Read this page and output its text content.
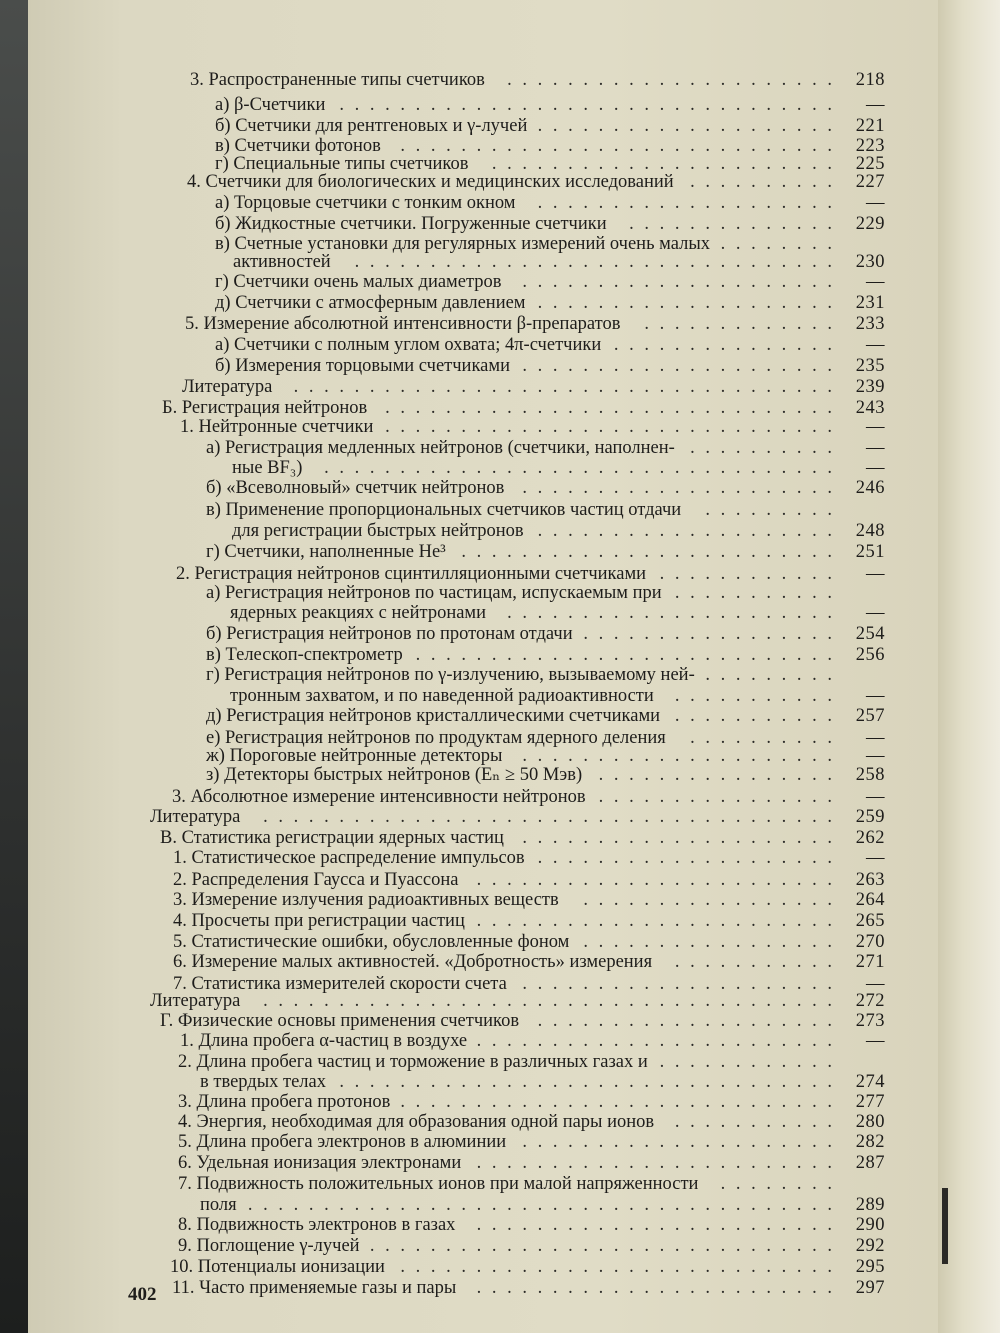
3. Распространенные типы счетчиков . . . . . . . . . . . . . . . . . . . . . .	218
а) β-Счетчики . . . . . . . . . . . . . . . . . . . . . . . . . . . . . . . . .	—
б) Счетчики для рентгеновых и γ-лучей . . . . . . . . . . . . . . . . . . . .	221
в) Счетчики фотонов . . . . . . . . . . . . . . . . . . . . . . . . . . . . .	223
г) Специальные типы счетчиков . . . . . . . . . . . . . . . . . . . . . . .	225
4. Счетчики для биологических и медицинских исследований . . . . . . . . . .	227
а) Торцовые счетчики с тонким окном . . . . . . . . . . . . . . . . . . . .	—
б) Жидкостные счетчики. Погруженные счетчики . . . . . . . . . . . . . .	229
в) Счетные установки для регулярных измерений очень малых . . . . . . . .
активностей . . . . . . . . . . . . . . . . . . . . . . . . . . . . . . . .	230
г) Счетчики очень малых диаметров . . . . . . . . . . . . . . . . . . . . .	—
д) Счетчики с атмосферным давлением . . . . . . . . . . . . . . . . . . . .	231
5. Измерение абсолютной интенсивности β-препаратов . . . . . . . . . . . . .	233
а) Счетчики с полным углом охвата; 4π-счетчики . . . . . . . . . . . . . . .	—
б) Измерения торцовыми счетчиками . . . . . . . . . . . . . . . . . . . . .	235
Литература . . . . . . . . . . . . . . . . . . . . . . . . . . . . . . . . . . . .	239
Б. Регистрация нейтронов . . . . . . . . . . . . . . . . . . . . . . . . . . . . . .	243
1. Нейтронные счетчики . . . . . . . . . . . . . . . . . . . . . . . . . . . . . .	—
а) Регистрация медленных нейтронов (счетчики, наполнен- . . . . . . . . . .	—
ные BF₃) . . . . . . . . . . . . . . . . . . . . . . . . . . . . . . . . . .	—
б) «Всеволновый» счетчик нейтронов . . . . . . . . . . . . . . . . . . . . .	246
в) Применение пропорциональных счетчиков частиц отдачи . . . . . . . . .
для регистрации быстрых нейтронов . . . . . . . . . . . . . . . . . . . .	248
г) Счетчики, наполненные He³ . . . . . . . . . . . . . . . . . . . . . . . . .	251
2. Регистрация нейтронов сцинтилляционными счетчиками . . . . . . . . . . . .	—
а) Регистрация нейтронов по частицам, испускаемым при . . . . . . . . . . .
ядерных реакциях с нейтронами . . . . . . . . . . . . . . . . . . . . . .	—
б) Регистрация нейтронов по протонам отдачи . . . . . . . . . . . . . . . . .	254
в) Телескоп-спектрометр . . . . . . . . . . . . . . . . . . . . . . . . . . . .	256
г) Регистрация нейтронов по γ-излучению, вызываемому ней- . . . . . . . . .
тронным захватом, и по наведенной радиоактивности . . . . . . . . . . .	—
д) Регистрация нейтронов кристаллическими счетчиками . . . . . . . . . . .	257
е) Регистрация нейтронов по продуктам ядерного деления . . . . . . . . . .	—
ж) Пороговые нейтронные детекторы . . . . . . . . . . . . . . . . . . . . .	—
з) Детекторы быстрых нейтронов (Eₙ ≥ 50 Мэв) . . . . . . . . . . . . . . . .	258
3. Абсолютное измерение интенсивности нейтронов . . . . . . . . . . . . . . . .	—
Литература . . . . . . . . . . . . . . . . . . . . . . . . . . . . . . . . . . . . . .	259
В. Статистика регистрации ядерных частиц . . . . . . . . . . . . . . . . . . . . .	262
1. Статистическое распределение импульсов . . . . . . . . . . . . . . . . . . . .	—
2. Распределения Гаусса и Пуассона . . . . . . . . . . . . . . . . . . . . . . . .	263
3. Измерение излучения радиоактивных веществ . . . . . . . . . . . . . . . . .	264
4. Просчеты при регистрации частиц . . . . . . . . . . . . . . . . . . . . . . . .	265
5. Статистические ошибки, обусловленные фоном . . . . . . . . . . . . . . . . .	270
6. Измерение малых активностей. «Добротность» измерения . . . . . . . . . . .	271
7. Статистика измерителей скорости счета . . . . . . . . . . . . . . . . . . . . .	—
Литература . . . . . . . . . . . . . . . . . . . . . . . . . . . . . . . . . . . . . .	272
Г. Физические основы применения счетчиков . . . . . . . . . . . . . . . . . . . .	273
1. Длина пробега α-частиц в воздухе . . . . . . . . . . . . . . . . . . . . . . . .	—
2. Длина пробега частиц и торможение в различных газах и . . . . . . . . . . . .
в твердых телах . . . . . . . . . . . . . . . . . . . . . . . . . . . . . . . . .	274
3. Длина пробега протонов . . . . . . . . . . . . . . . . . . . . . . . . . . . . .	277
4. Энергия, необходимая для образования одной пары ионов . . . . . . . . . . .	280
5. Длина пробега электронов в алюминии . . . . . . . . . . . . . . . . . . . . .	282
6. Удельная ионизация электронами . . . . . . . . . . . . . . . . . . . . . . . .	287
7. Подвижность положительных ионов при малой напряженности . . . . . . . .
поля . . . . . . . . . . . . . . . . . . . . . . . . . . . . . . . . . . . . . . .	289
8. Подвижность электронов в газах . . . . . . . . . . . . . . . . . . . . . . . .	290
9. Поглощение γ-лучей . . . . . . . . . . . . . . . . . . . . . . . . . . . . . . .	292
10. Потенциалы ионизации . . . . . . . . . . . . . . . . . . . . . . . . . . . . .	295
11. Часто применяемые газы и пары . . . . . . . . . . . . . . . . . . . . . . . .	297
402
